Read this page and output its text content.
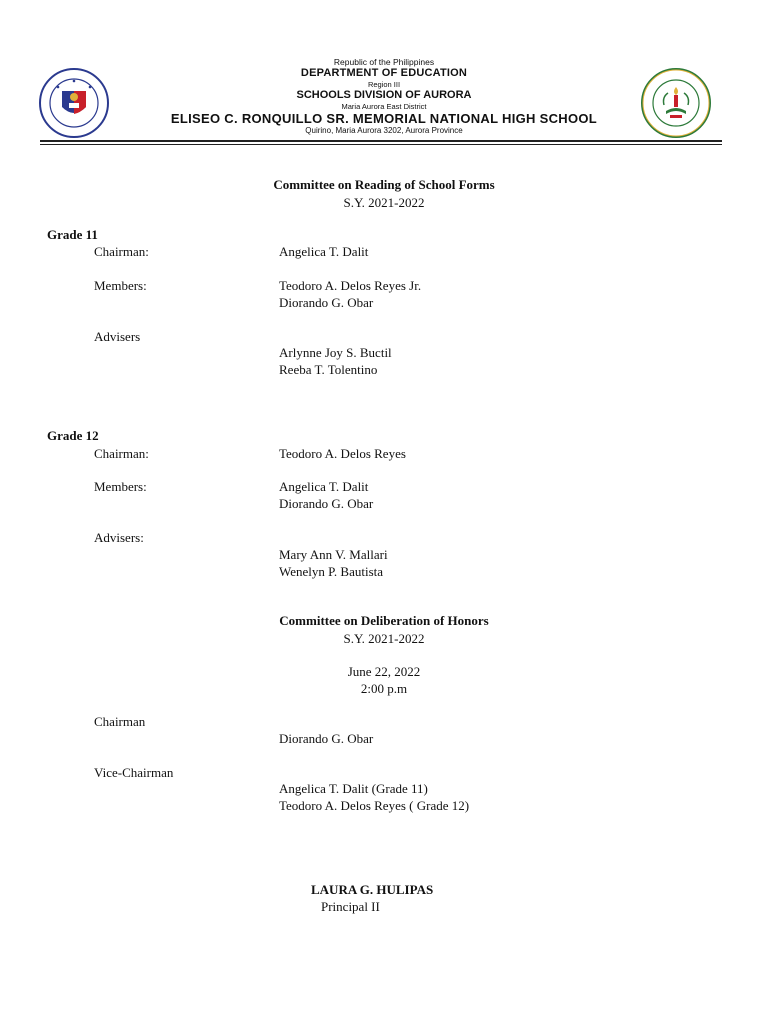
Republic of the Philippines
DEPARTMENT OF EDUCATION
Region III
SCHOOLS DIVISION OF AURORA
Maria Aurora East District
ELISEO C. RONQUILLO SR. MEMORIAL NATIONAL HIGH SCHOOL
Quirino, Maria Aurora 3202, Aurora Province
Committee on Reading of School Forms
S.Y. 2021-2022
Grade 11
Chairman:	Angelica T. Dalit
Members:	Teodoro A. Delos Reyes Jr.
Diorando G. Obar
Advisers
Arlynne Joy S. Buctil
Reeba T. Tolentino
Grade 12
Chairman:	Teodoro A. Delos Reyes
Members:	Angelica T. Dalit
Diorando G. Obar
Advisers:
Mary Ann V. Mallari
Wenelyn P. Bautista
Committee on Deliberation of Honors
S.Y. 2021-2022
June 22, 2022
2:00 p.m
Chairman
Diorando G. Obar
Vice-Chairman
Angelica T. Dalit (Grade 11)
Teodoro A. Delos Reyes ( Grade 12)
LAURA G. HULIPAS
Principal II
